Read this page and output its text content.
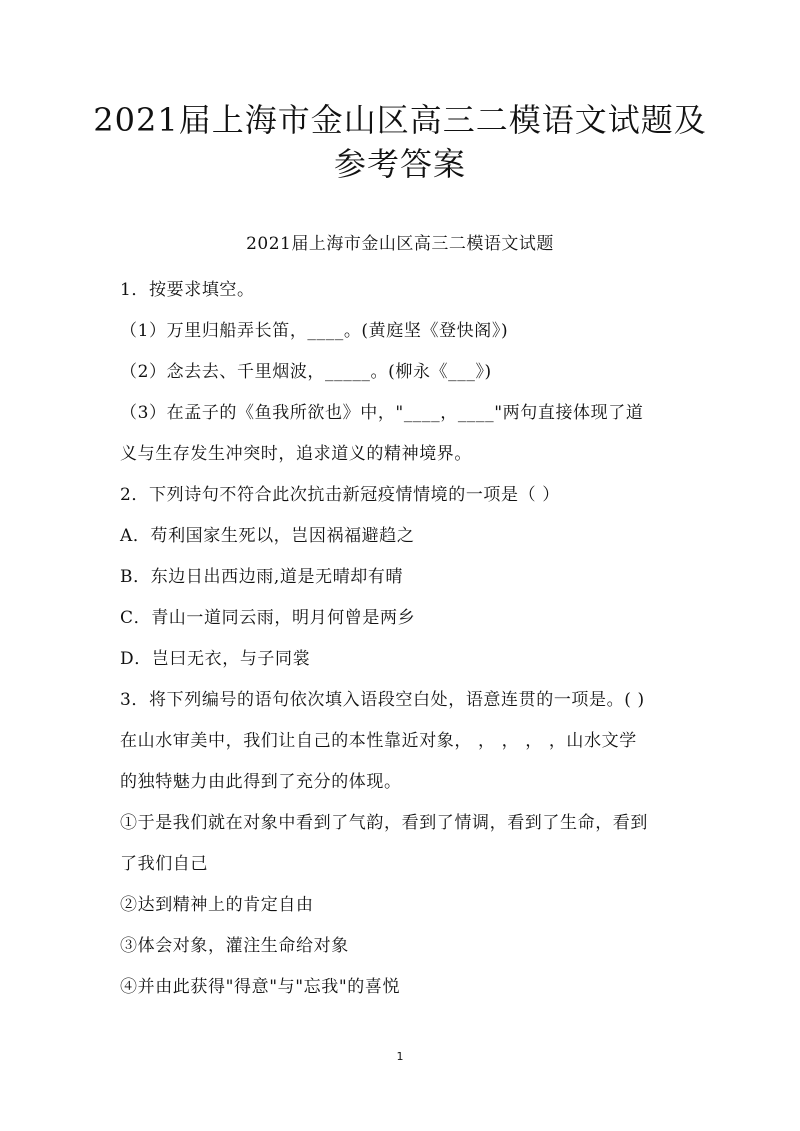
2021届上海市金山区高三二模语文试题及
参考答案
2021届上海市金山区高三二模语文试题
1．按要求填空。
（1）万里归船弄长笛，____。(黄庭坚《登快阁》)
（2）念去去、千里烟波，_____。(柳永《___》)
（3）在孟子的《鱼我所欲也》中，"____，____"两句直接体现了道
义与生存发生冲突时，追求道义的精神境界。
2．下列诗句不符合此次抗击新冠疫情情境的一项是（ ）
A．苟利国家生死以，岂因祸福避趋之
B．东边日出西边雨,道是无晴却有晴
C．青山一道同云雨，明月何曾是两乡
D．岂曰无衣，与子同裳
3．将下列编号的语句依次填入语段空白处，语意连贯的一项是。( )
在山水审美中，我们让自己的本性靠近对象， ， ， ， ，山水文学
的独特魅力由此得到了充分的体现。
①于是我们就在对象中看到了气韵，看到了情调，看到了生命，看到
了我们自己
②达到精神上的肯定自由
③体会对象，灌注生命给对象
④并由此获得"得意"与"忘我"的喜悦
1
